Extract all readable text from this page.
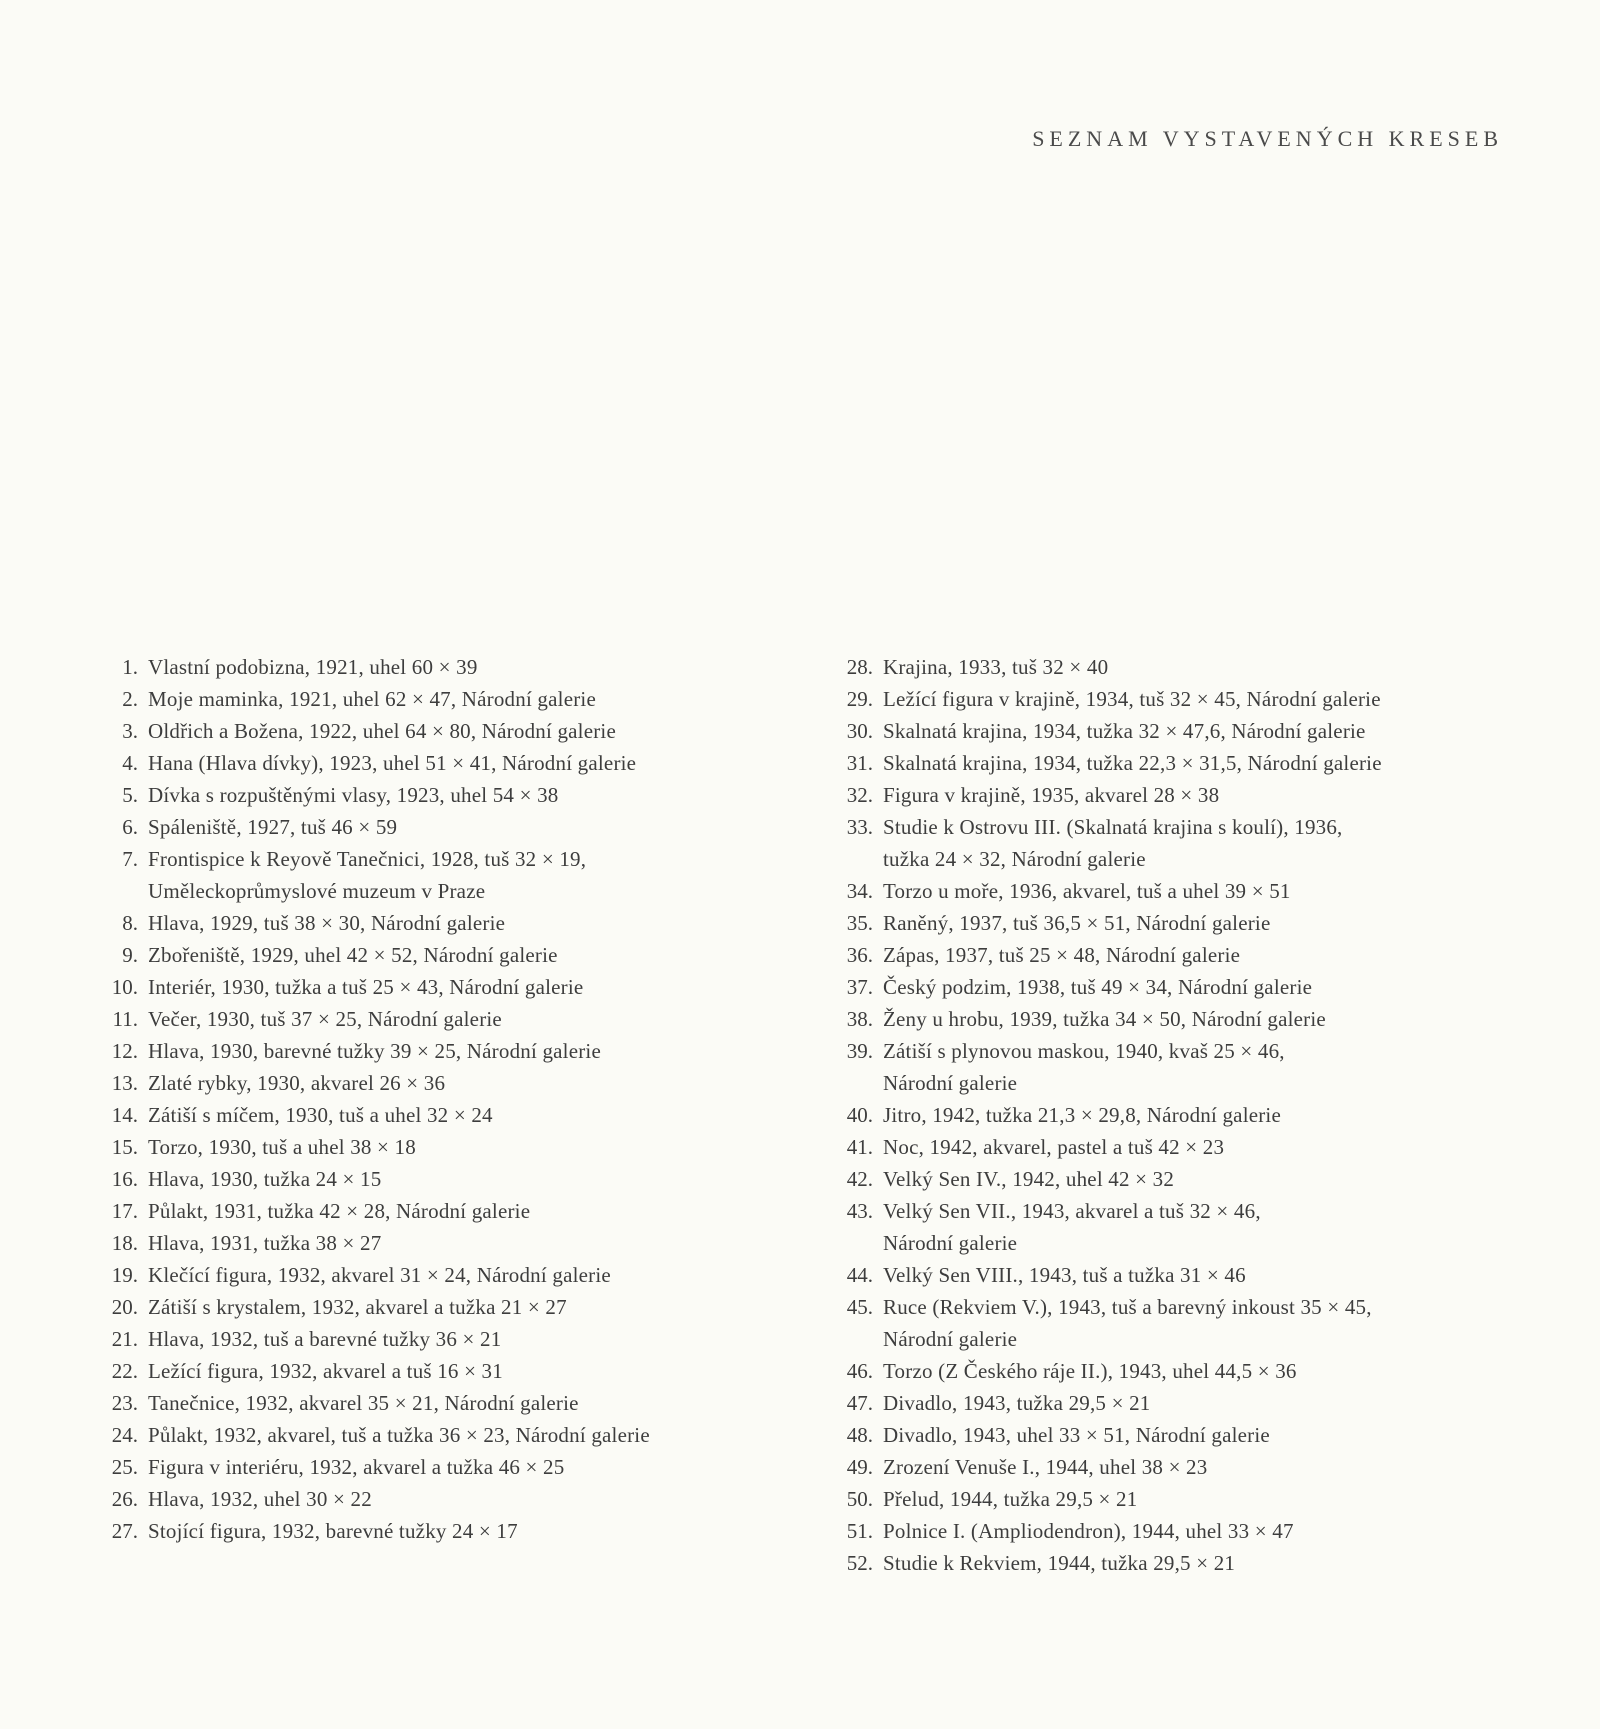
SEZNAM VYSTAVENÝCH KRESEB
1. Vlastní podobizna, 1921, uhel 60 × 39
2. Moje maminka, 1921, uhel 62 × 47, Národní galerie
3. Oldřich a Božena, 1922, uhel 64 × 80, Národní galerie
4. Hana (Hlava dívky), 1923, uhel 51 × 41, Národní galerie
5. Dívka s rozpuštěnými vlasy, 1923, uhel 54 × 38
6. Spáleniště, 1927, tuš 46 × 59
7. Frontispice k Reyově Tanečnici, 1928, tuš 32 × 19,
Uměleckoprůmyslové muzeum v Praze
8. Hlava, 1929, tuš 38 × 30, Národní galerie
9. Zbořeniště, 1929, uhel 42 × 52, Národní galerie
10. Interiér, 1930, tužka a tuš 25 × 43, Národní galerie
11. Večer, 1930, tuš 37 × 25, Národní galerie
12. Hlava, 1930, barevné tužky 39 × 25, Národní galerie
13. Zlaté rybky, 1930, akvarel 26 × 36
14. Zátiší s míčem, 1930, tuš a uhel 32 × 24
15. Torzo, 1930, tuš a uhel 38 × 18
16. Hlava, 1930, tužka 24 × 15
17. Půlakt, 1931, tužka 42 × 28, Národní galerie
18. Hlava, 1931, tužka 38 × 27
19. Klečící figura, 1932, akvarel 31 × 24, Národní galerie
20. Zátiší s krystalem, 1932, akvarel a tužka 21 × 27
21. Hlava, 1932, tuš a barevné tužky 36 × 21
22. Ležící figura, 1932, akvarel a tuš 16 × 31
23. Tanečnice, 1932, akvarel 35 × 21, Národní galerie
24. Půlakt, 1932, akvarel, tuš a tužka 36 × 23, Národní galerie
25. Figura v interiéru, 1932, akvarel a tužka 46 × 25
26. Hlava, 1932, uhel 30 × 22
27. Stojící figura, 1932, barevné tužky 24 × 17
28. Krajina, 1933, tuš 32 × 40
29. Ležící figura v krajině, 1934, tuš 32 × 45, Národní galerie
30. Skalnatá krajina, 1934, tužka 32 × 47,6, Národní galerie
31. Skalnatá krajina, 1934, tužka 22,3 × 31,5, Národní galerie
32. Figura v krajině, 1935, akvarel 28 × 38
33. Studie k Ostrovu III. (Skalnatá krajina s koulí), 1936,
tužka 24 × 32, Národní galerie
34. Torzo u moře, 1936, akvarel, tuš a uhel 39 × 51
35. Raněný, 1937, tuš 36,5 × 51, Národní galerie
36. Zápas, 1937, tuš 25 × 48, Národní galerie
37. Český podzim, 1938, tuš 49 × 34, Národní galerie
38. Ženy u hrobu, 1939, tužka 34 × 50, Národní galerie
39. Zátiší s plynovou maskou, 1940, kvaš 25 × 46,
Národní galerie
40. Jitro, 1942, tužka 21,3 × 29,8, Národní galerie
41. Noc, 1942, akvarel, pastel a tuš 42 × 23
42. Velký Sen IV., 1942, uhel 42 × 32
43. Velký Sen VII., 1943, akvarel a tuš 32 × 46,
Národní galerie
44. Velký Sen VIII., 1943, tuš a tužka 31 × 46
45. Ruce (Rekviem V.), 1943, tuš a barevný inkoust 35 × 45,
Národní galerie
46. Torzo (Z Českého ráje II.), 1943, uhel 44,5 × 36
47. Divadlo, 1943, tužka 29,5 × 21
48. Divadlo, 1943, uhel 33 × 51, Národní galerie
49. Zrození Venuše I., 1944, uhel 38 × 23
50. Přelud, 1944, tužka 29,5 × 21
51. Polnice I. (Ampliodendron), 1944, uhel 33 × 47
52. Studie k Rekviem, 1944, tužka 29,5 × 21
